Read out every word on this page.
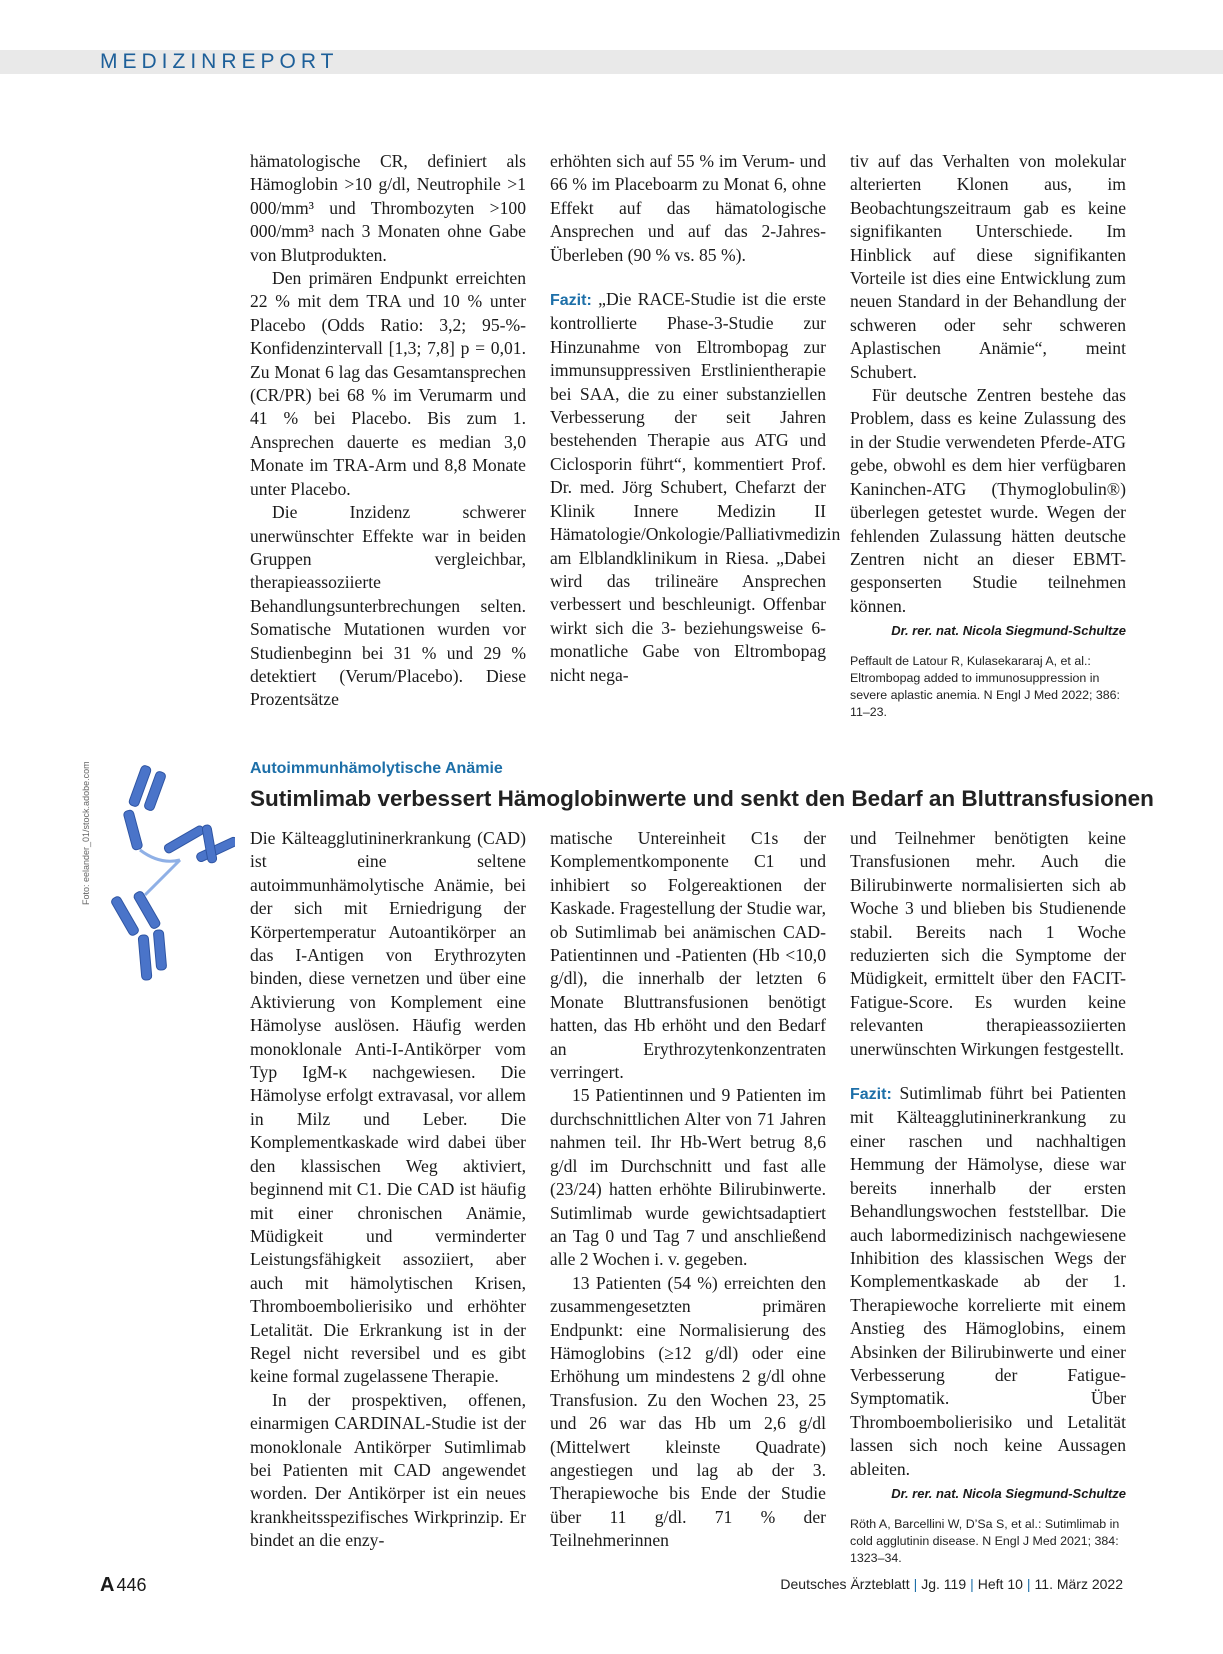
MEDIZINREPORT

hämatologische CR, definiert als Hämoglobin >10 g/dl, Neutrophile >1 000/mm³ und Thrombozyten >100 000/mm³ nach 3 Monaten ohne Gabe von Blutprodukten.

Den primären Endpunkt erreichten 22 % mit dem TRA und 10 % unter Placebo (Odds Ratio: 3,2; 95-%-Konfidenzintervall [1,3; 7,8] p = 0,01. Zu Monat 6 lag das Gesamtansprechen (CR/PR) bei 68 % im Verumarm und 41 % bei Placebo. Bis zum 1. Ansprechen dauerte es median 3,0 Monate im TRA-Arm und 8,8 Monate unter Placebo.

Die Inzidenz schwerer unerwünschter Effekte war in beiden Gruppen vergleichbar, therapieassoziierte Behandlungsunterbrechungen selten. Somatische Mutationen wurden vor Studienbeginn bei 31 % und 29 % detektiert (Verum/Placebo). Diese Prozentsätze

erhöhten sich auf 55 % im Verum- und 66 % im Placeboarm zu Monat 6, ohne Effekt auf das hämatologische Ansprechen und auf das 2-Jahres-Überleben (90 % vs. 85 %).

Fazit: „Die RACE-Studie ist die erste kontrollierte Phase-3-Studie zur Hinzunahme von Eltrombopag zur immunsuppressiven Erstlinientherapie bei SAA, die zu einer substanziellen Verbesserung der seit Jahren bestehenden Therapie aus ATG und Ciclosporin führt“, kommentiert Prof. Dr. med. Jörg Schubert, Chefarzt der Klinik Innere Medizin II Hämatologie/Onkologie/Palliativmedizin am Elblandklinikum in Riesa. „Dabei wird das trilineäre Ansprechen verbessert und beschleunigt. Offenbar wirkt sich die 3- beziehungsweise 6-monatliche Gabe von Eltrombopag nicht nega-

tiv auf das Verhalten von molekular alterierten Klonen aus, im Beobachtungszeitraum gab es keine signifikanten Unterschiede. Im Hinblick auf diese signifikanten Vorteile ist dies eine Entwicklung zum neuen Standard in der Behandlung der schweren oder sehr schweren Aplastischen Anämie“, meint Schubert.

Für deutsche Zentren bestehe das Problem, dass es keine Zulassung des in der Studie verwendeten Pferde-ATG gebe, obwohl es dem hier verfügbaren Kaninchen-ATG (Thymoglobulin®) überlegen getestet wurde. Wegen der fehlenden Zulassung hätten deutsche Zentren nicht an dieser EBMT-gesponserten Studie teilnehmen können.

Dr. rer. nat. Nicola Siegmund-Schultze

Peffault de Latour R, Kulasekararaj A, et al.: Eltrombopag added to immunosuppression in severe aplastic anemia. N Engl J Med 2022; 386: 11–23.

Foto: eelander_01/stock.adobe.com	Autoimmunhämolytische Anämie
Sutimlimab verbessert Hämoglobinwerte und senkt den Bedarf an Bluttransfusionen

Die Kälteagglutininerkrankung (CAD) ist eine seltene autoimmunhämolytische Anämie, bei der sich mit Erniedrigung der Körpertemperatur Autoantikörper an das I-Antigen von Erythrozyten binden, diese vernetzen und über eine Aktivierung von Komplement eine Hämolyse auslösen. Häufig werden monoklonale Anti-I-Antikörper vom Typ IgM-κ nachgewiesen. Die Hämolyse erfolgt extravasal, vor allem in Milz und Leber. Die Komplementkaskade wird dabei über den klassischen Weg aktiviert, beginnend mit C1. Die CAD ist häufig mit einer chronischen Anämie, Müdigkeit und verminderter Leistungsfähigkeit assoziiert, aber auch mit hämolytischen Krisen, Thromboembolierisiko und erhöhter Letalität. Die Erkrankung ist in der Regel nicht reversibel und es gibt keine formal zugelassene Therapie.

In der prospektiven, offenen, einarmigen CARDINAL-Studie ist der monoklonale Antikörper Sutimlimab bei Patienten mit CAD angewendet worden. Der Antikörper ist ein neues krankheitsspezifisches Wirkprinzip. Er bindet an die enzy-

matische Untereinheit C1s der Komplementkomponente C1 und inhibiert so Folgereaktionen der Kaskade. Fragestellung der Studie war, ob Sutimlimab bei anämischen CAD-Patientinnen und -Patienten (Hb <10,0 g/dl), die innerhalb der letzten 6 Monate Bluttransfusionen benötigt hatten, das Hb erhöht und den Bedarf an Erythrozytenkonzentraten verringert.

15 Patientinnen und 9 Patienten im durchschnittlichen Alter von 71 Jahren nahmen teil. Ihr Hb-Wert betrug 8,6 g/dl im Durchschnitt und fast alle (23/24) hatten erhöhte Bilirubinwerte. Sutimlimab wurde gewichtsadaptiert an Tag 0 und Tag 7 und anschließend alle 2 Wochen i. v. gegeben.

13 Patienten (54 %) erreichten den zusammengesetzten primären Endpunkt: eine Normalisierung des Hämoglobins (≥12 g/dl) oder eine Erhöhung um mindestens 2 g/dl ohne Transfusion. Zu den Wochen 23, 25 und 26 war das Hb um 2,6 g/dl (Mittelwert kleinste Quadrate) angestiegen und lag ab der 3. Therapiewoche bis Ende der Studie über 11 g/dl. 71 % der Teilnehmerinnen

und Teilnehmer benötigten keine Transfusionen mehr. Auch die Bilirubinwerte normalisierten sich ab Woche 3 und blieben bis Studienende stabil. Bereits nach 1 Woche reduzierten sich die Symptome der Müdigkeit, ermittelt über den FACIT-Fatigue-Score. Es wurden keine relevanten therapieassoziierten unerwünschten Wirkungen festgestellt.

Fazit: Sutimlimab führt bei Patienten mit Kälteagglutininerkrankung zu einer raschen und nachhaltigen Hemmung der Hämolyse, diese war bereits innerhalb der ersten Behandlungswochen feststellbar. Die auch labormedizinisch nachgewiesene Inhibition des klassischen Wegs der Komplementkaskade ab der 1. Therapiewoche korrelierte mit einem Anstieg des Hämoglobins, einem Absinken der Bilirubinwerte und einer Verbesserung der Fatigue-Symptomatik. Über Thromboembolierisiko und Letalität lassen sich noch keine Aussagen ableiten.

Dr. rer. nat. Nicola Siegmund-Schultze

Röth A, Barcellini W, D’Sa S, et al.: Sutimlimab in cold agglutinin disease. N Engl J Med 2021; 384: 1323–34.

A 446	Deutsches Ärzteblatt | Jg. 119 | Heft 10 | 11. März 2022
